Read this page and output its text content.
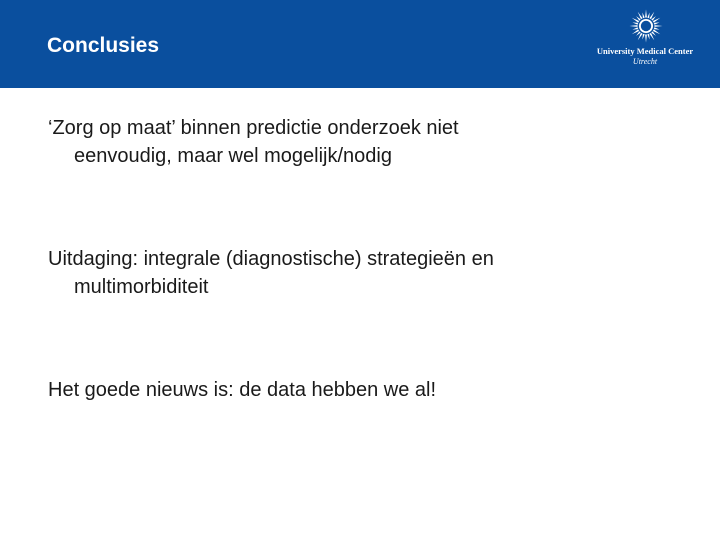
Conclusies	University Medical Center
Utrecht
‘Zorg op maat’ binnen predictie onderzoek niet
eenvoudig, maar wel mogelijk/nodig
Uitdaging: integrale (diagnostische) strategieën en
multimorbiditeit
Het goede nieuws is: de data hebben we al!
